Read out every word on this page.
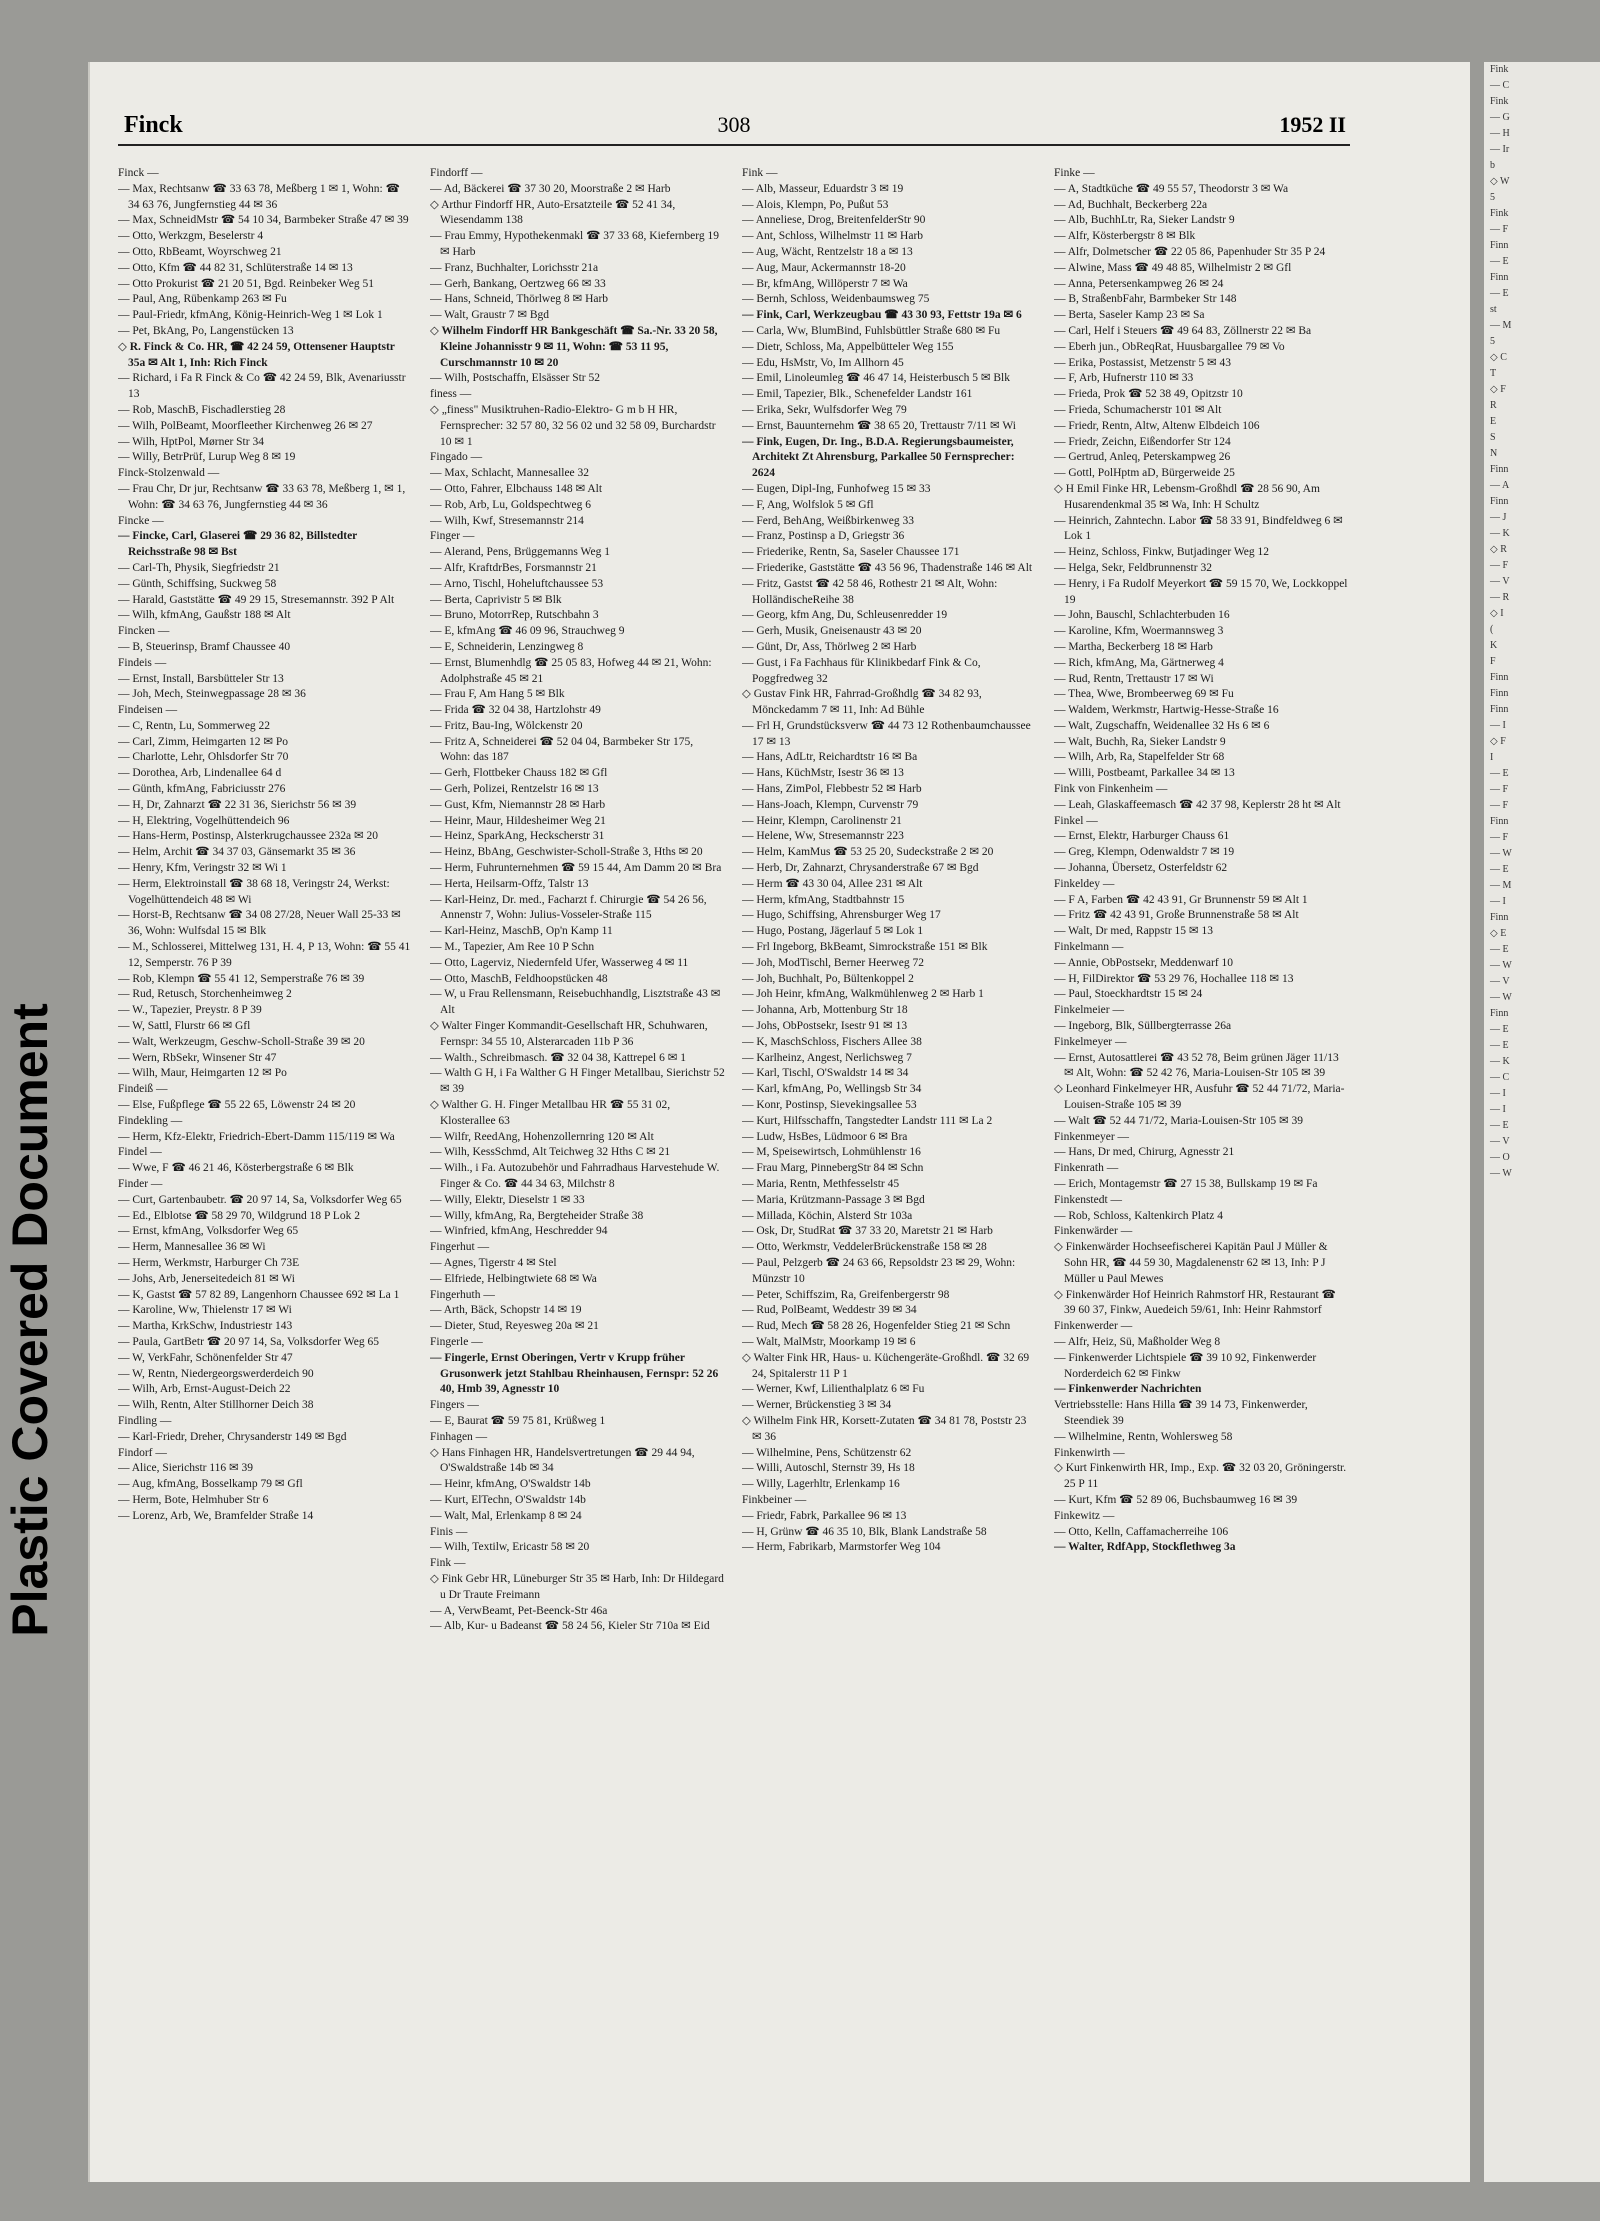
Plastic Covered Document
Fink
— C
Fink
— G
— H
— Ir
b
◇ W
5
Fink
— F
Finn
— E
Finn
— E
st
— M
5
◇ C
T
◇ F
R
E
S
N
Finn
— A
Finn
— J
— K
◇ R
— F
— V
— R
◇ I
(
K
F
Finn
Finn
Finn
— I
◇ F
I
— E
— F
— F
Finn
— F
— W
— E
— M
— I
Finn
◇ E
— E
— W
— V
— W
Finn
— E
— E
— K
— C
— I
— I
— E
— V
— O
— W
Finck	308	1952 II
Finck —
— Max, Rechtsanw ☎ 33 63 78, Meßberg 1 ✉ 1, Wohn: ☎ 34 63 76, Jungfernstieg 44 ✉ 36
— Max, SchneidMstr ☎ 54 10 34, Barmbeker Straße 47 ✉ 39
— Otto, Werkzgm, Beselerstr 4
— Otto, RbBeamt, Woyrschweg 21
— Otto, Kfm ☎ 44 82 31, Schlüterstraße 14 ✉ 13
— Otto Prokurist ☎ 21 20 51, Bgd. Reinbeker Weg 51
— Paul, Ang, Rübenkamp 263 ✉ Fu
— Paul-Friedr, kfmAng, König-Heinrich-Weg 1 ✉ Lok 1
— Pet, BkAng, Po, Langenstücken 13
◇ R. Finck & Co. HR, ☎ 42 24 59, Ottensener Hauptstr 35a ✉ Alt 1, Inh: Rich Finck
— Richard, i Fa R Finck & Co ☎ 42 24 59, Blk, Avenariusstr 13
— Rob, MaschB, Fischadlerstieg 28
— Wilh, PolBeamt, Moorfleether Kirchenweg 26 ✉ 27
— Wilh, HptPol, Mørner Str 34
— Willy, BetrPrüf, Lurup Weg 8 ✉ 19
Finck-Stolzenwald —
— Frau Chr, Dr jur, Rechtsanw ☎ 33 63 78, Meßberg 1, ✉ 1, Wohn: ☎ 34 63 76, Jungfernstieg 44 ✉ 36
Fincke —
— Fincke, Carl, Glaserei ☎ 29 36 82, Billstedter Reichsstraße 98 ✉ Bst
— Carl-Th, Physik, Siegfriedstr 21
— Günth, Schiffsing, Suckweg 58
— Harald, Gaststätte ☎ 49 29 15, Stresemannstr. 392 P Alt
— Wilh, kfmAng, Gaußstr 188 ✉ Alt
Fincken —
— B, Steuerinsp, Bramf Chaussee 40
Findeis —
— Ernst, Install, Barsbütteler Str 13
— Joh, Mech, Steinwegpassage 28 ✉ 36
Findeisen —
— C, Rentn, Lu, Sommerweg 22
— Carl, Zimm, Heimgarten 12 ✉ Po
— Charlotte, Lehr, Ohlsdorfer Str 70
— Dorothea, Arb, Lindenallee 64 d
— Günth, kfmAng, Fabriciusstr 276
— H, Dr, Zahnarzt ☎ 22 31 36, Sierichstr 56 ✉ 39
— H, Elektring, Vogelhüttendeich 96
— Hans-Herm, Postinsp, Alsterkrugchaussee 232a ✉ 20
— Helm, Archit ☎ 34 37 03, Gänsemarkt 35 ✉ 36
— Henry, Kfm, Veringstr 32 ✉ Wi 1
— Herm, Elektroinstall ☎ 38 68 18, Veringstr 24, Werkst: Vogelhüttendeich 48 ✉ Wi
— Horst-B, Rechtsanw ☎ 34 08 27/28, Neuer Wall 25-33 ✉ 36, Wohn: Wulfsdal 15 ✉ Blk
— M., Schlosserei, Mittelweg 131, H. 4, P 13, Wohn: ☎ 55 41 12, Semperstr. 76 P 39
— Rob, Klempn ☎ 55 41 12, Semperstraße 76 ✉ 39
— Rud, Retusch, Storchenheimweg 2
— W., Tapezier, Preystr. 8 P 39
— W, Sattl, Flurstr 66 ✉ Gfl
— Walt, Werkzeugm, Geschw-Scholl-Straße 39 ✉ 20
— Wern, RbSekr, Winsener Str 47
— Wilh, Maur, Heimgarten 12 ✉ Po
Findeiß —
— Else, Fußpflege ☎ 55 22 65, Löwenstr 24 ✉ 20
Findekling —
— Herm, Kfz-Elektr, Friedrich-Ebert-Damm 115/119 ✉ Wa
Findel —
— Wwe, F ☎ 46 21 46, Kösterbergstraße 6 ✉ Blk
Finder —
— Curt, Gartenbaubetr. ☎ 20 97 14, Sa, Volksdorfer Weg 65
— Ed., Elblotse ☎ 58 29 70, Wildgrund 18 P Lok 2
— Ernst, kfmAng, Volksdorfer Weg 65
— Herm, Mannesallee 36 ✉ Wi
— Herm, Werkmstr, Harburger Ch 73E
— Johs, Arb, Jenerseitedeich 81 ✉ Wi
— K, Gastst ☎ 57 82 89, Langenhorn Chaussee 692 ✉ La 1
— Karoline, Ww, Thielenstr 17 ✉ Wi
— Martha, KrkSchw, Industriestr 143
— Paula, GartBetr ☎ 20 97 14, Sa, Volksdorfer Weg 65
— W, VerkFahr, Schönenfelder Str 47
— W, Rentn, Niedergeorgswerderdeich 90
— Wilh, Arb, Ernst-August-Deich 22
— Wilh, Rentn, Alter Stillhorner Deich 38
Findling —
— Karl-Friedr, Dreher, Chrysanderstr 149 ✉ Bgd
Findorf —
— Alice, Sierichstr 116 ✉ 39
— Aug, kfmAng, Bosselkamp 79 ✉ Gfl
— Herm, Bote, Helmhuber Str 6
— Lorenz, Arb, We, Bramfelder Straße 14
Findorff —
— Ad, Bäckerei ☎ 37 30 20, Moorstraße 2 ✉ Harb
◇ Arthur Findorff HR, Auto-Ersatzteile ☎ 52 41 34, Wiesendamm 138
— Frau Emmy, Hypothekenmakl ☎ 37 33 68, Kiefernberg 19 ✉ Harb
— Franz, Buchhalter, Lorichsstr 21a
— Gerh, Bankang, Oertzweg 66 ✉ 33
— Hans, Schneid, Thörlweg 8 ✉ Harb
— Walt, Graustr 7 ✉ Bgd
◇ Wilhelm Findorff HR Bankgeschäft ☎ Sa.-Nr. 33 20 58, Kleine Johannisstr 9 ✉ 11, Wohn: ☎ 53 11 95, Curschmannstr 10 ✉ 20
— Wilh, Postschaffn, Elsässer Str 52
finess —
◇ „finess" Musiktruhen-Radio-Elektro- G m b H HR, Fernsprecher: 32 57 80, 32 56 02 und 32 58 09, Burchardstr 10 ✉ 1
Fingado —
— Max, Schlacht, Mannesallee 32
— Otto, Fahrer, Elbchauss 148 ✉ Alt
— Rob, Arb, Lu, Goldspechtweg 6
— Wilh, Kwf, Stresemannstr 214
Finger —
— Alerand, Pens, Brüggemanns Weg 1
— Alfr, KraftdrBes, Forsmannstr 21
— Arno, Tischl, Hoheluftchaussee 53
— Berta, Caprivistr 5 ✉ Blk
— Bruno, MotorrRep, Rutschbahn 3
— E, kfmAng ☎ 46 09 96, Strauchweg 9
— E, Schneiderin, Lenzingweg 8
— Ernst, Blumenhdlg ☎ 25 05 83, Hofweg 44 ✉ 21, Wohn: Adolphstraße 45 ✉ 21
— Frau F, Am Hang 5 ✉ Blk
— Frida ☎ 32 04 38, Hartzlohstr 49
— Fritz, Bau-Ing, Wölckenstr 20
— Fritz A, Schneiderei ☎ 52 04 04, Barmbeker Str 175, Wohn: das 187
— Gerh, Flottbeker Chauss 182 ✉ Gfl
— Gerh, Polizei, Rentzelstr 16 ✉ 13
— Gust, Kfm, Niemannstr 28 ✉ Harb
— Heinr, Maur, Hildesheimer Weg 21
— Heinz, SparkAng, Heckscherstr 31
— Heinz, BbAng, Geschwister-Scholl-Straße 3, Hths ✉ 20
— Herm, Fuhrunternehmen ☎ 59 15 44, Am Damm 20 ✉ Bra
— Herta, Heilsarm-Offz, Talstr 13
— Karl-Heinz, Dr. med., Facharzt f. Chirurgie ☎ 54 26 56, Annenstr 7, Wohn: Julius-Vosseler-Straße 115
— Karl-Heinz, MaschB, Op'n Kamp 11
— M., Tapezier, Am Ree 10 P Schn
— Otto, Lagerviz, Niedernfeld Ufer, Wasserweg 4 ✉ 11
— Otto, MaschB, Feldhoopstücken 48
— W, u Frau Rellensmann, Reisebuchhandlg, Lisztstraße 43 ✉ Alt
◇ Walter Finger Kommandit-Gesellschaft HR, Schuhwaren, Fernspr: 34 55 10, Alsterarcaden 11b P 36
— Walth., Schreibmasch. ☎ 32 04 38, Kattrepel 6 ✉ 1
— Walth G H, i Fa Walther G H Finger Metallbau, Sierichstr 52 ✉ 39
◇ Walther G. H. Finger Metallbau HR ☎ 55 31 02, Klosterallee 63
— Wilfr, ReedAng, Hohenzollernring 120 ✉ Alt
— Wilh, KessSchmd, Alt Teichweg 32 Hths C ✉ 21
— Wilh., i Fa. Autozubehör und Fahrradhaus Harvestehude W. Finger & Co. ☎ 44 34 63, Milchstr 8
— Willy, Elektr, Dieselstr 1 ✉ 33
— Willy, kfmAng, Ra, Bergteheider Straße 38
— Winfried, kfmAng, Heschredder 94
Fingerhut —
— Agnes, Tigerstr 4 ✉ Stel
— Elfriede, Helbingtwiete 68 ✉ Wa
Fingerhuth —
— Arth, Bäck, Schopstr 14 ✉ 19
— Dieter, Stud, Reyesweg 20a ✉ 21
Fingerle —
— Fingerle, Ernst Oberingen, Vertr v Krupp früher Grusonwerk jetzt Stahlbau Rheinhausen, Fernspr: 52 26 40, Hmb 39, Agnesstr 10
Fingers —
— E, Baurat ☎ 59 75 81, Krüßweg 1
Finhagen —
◇ Hans Finhagen HR, Handelsvertretungen ☎ 29 44 94, O'Swaldstraße 14b ✉ 34
— Heinr, kfmAng, O'Swaldstr 14b
— Kurt, ElTechn, O'Swaldstr 14b
— Walt, Mal, Erlenkamp 8 ✉ 24
Finis —
— Wilh, Textilw, Ericastr 58 ✉ 20
Fink —
◇ Fink Gebr HR, Lüneburger Str 35 ✉ Harb, Inh: Dr Hildegard u Dr Traute Freimann
— A, VerwBeamt, Pet-Beenck-Str 46a
— Alb, Kur- u Badeanst ☎ 58 24 56, Kieler Str 710a ✉ Eid
Fink —
— Alb, Masseur, Eduardstr 3 ✉ 19
— Alois, Klempn, Po, Pußut 53
— Anneliese, Drog, BreitenfelderStr 90
— Ant, Schloss, Wilhelmstr 11 ✉ Harb
— Aug, Wächt, Rentzelstr 18 a ✉ 13
— Aug, Maur, Ackermannstr 18-20
— Br, kfmAng, Willöperstr 7 ✉ Wa
— Bernh, Schloss, Weidenbaumsweg 75
— Fink, Carl, Werkzeugbau ☎ 43 30 93, Fettstr 19a ✉ 6
— Carla, Ww, BlumBind, Fuhlsbüttler Straße 680 ✉ Fu
— Dietr, Schloss, Ma, Appelbütteler Weg 155
— Edu, HsMstr, Vo, Im Allhorn 45
— Emil, Linoleumleg ☎ 46 47 14, Heisterbusch 5 ✉ Blk
— Emil, Tapezier, Blk., Schenefelder Landstr 161
— Erika, Sekr, Wulfsdorfer Weg 79
— Ernst, Bauunternehm ☎ 38 65 20, Trettaustr 7/11 ✉ Wi
— Fink, Eugen, Dr. Ing., B.D.A. Regierungsbaumeister, Architekt Zt Ahrensburg, Parkallee 50 Fernsprecher: 2624
— Eugen, Dipl-Ing, Funhofweg 15 ✉ 33
— F, Ang, Wolfslok 5 ✉ Gfl
— Ferd, BehAng, Weißbirkenweg 33
— Franz, Postinsp a D, Griegstr 36
— Friederike, Rentn, Sa, Saseler Chaussee 171
— Friederike, Gaststätte ☎ 43 56 96, Thadenstraße 146 ✉ Alt
— Fritz, Gastst ☎ 42 58 46, Rothestr 21 ✉ Alt, Wohn: HolländischeReihe 38
— Georg, kfm Ang, Du, Schleusenredder 19
— Gerh, Musik, Gneisenaustr 43 ✉ 20
— Günt, Dr, Ass, Thörlweg 2 ✉ Harb
— Gust, i Fa Fachhaus für Klinikbedarf Fink & Co, Poggfredweg 32
◇ Gustav Fink HR, Fahrrad-Großhdlg ☎ 34 82 93, Mönckedamm 7 ✉ 11, Inh: Ad Bühle
— Frl H, Grundstücksverw ☎ 44 73 12 Rothenbaumchaussee 17 ✉ 13
— Hans, AdLtr, Reichardtstr 16 ✉ Ba
— Hans, KüchMstr, Isestr 36 ✉ 13
— Hans, ZimPol, Flebbestr 52 ✉ Harb
— Hans-Joach, Klempn, Curvenstr 79
— Heinr, Klempn, Carolinenstr 21
— Helene, Ww, Stresemannstr 223
— Helm, KamMus ☎ 53 25 20, Sudeckstraße 2 ✉ 20
— Herb, Dr, Zahnarzt, Chrysanderstraße 67 ✉ Bgd
— Herm ☎ 43 30 04, Allee 231 ✉ Alt
— Herm, kfmAng, Stadtbahnstr 15
— Hugo, Schiffsing, Ahrensburger Weg 17
— Hugo, Postang, Jägerlauf 5 ✉ Lok 1
— Frl Ingeborg, BkBeamt, Simrockstraße 151 ✉ Blk
— Joh, ModTischl, Berner Heerweg 72
— Joh, Buchhalt, Po, Bültenkoppel 2
— Joh Heinr, kfmAng, Walkmühlenweg 2 ✉ Harb 1
— Johanna, Arb, Mottenburg Str 18
— Johs, ObPostsekr, Isestr 91 ✉ 13
— K, MaschSchloss, Fischers Allee 38
— Karlheinz, Angest, Nerlichsweg 7
— Karl, Tischl, O'Swaldstr 14 ✉ 34
— Karl, kfmAng, Po, Wellingsb Str 34
— Konr, Postinsp, Sievekingsallee 53
— Kurt, Hilfsschaffn, Tangstedter Landstr 111 ✉ La 2
— Ludw, HsBes, Lüdmoor 6 ✉ Bra
— M, Speisewirtsch, Lohmühlenstr 16
— Frau Marg, PinnebergStr 84 ✉ Schn
— Maria, Rentn, Methfesselstr 45
— Maria, Krützmann-Passage 3 ✉ Bgd
— Millada, Köchin, Alsterd Str 103a
— Osk, Dr, StudRat ☎ 37 33 20, Maretstr 21 ✉ Harb
— Otto, Werkmstr, VeddelerBrückenstraße 158 ✉ 28
— Paul, Pelzgerb ☎ 24 63 66, Repsoldstr 23 ✉ 29, Wohn: Münzstr 10
— Peter, Schiffszim, Ra, Greifenbergerstr 98
— Rud, PolBeamt, Weddestr 39 ✉ 34
— Rud, Mech ☎ 58 28 26, Hogenfelder Stieg 21 ✉ Schn
— Walt, MalMstr, Moorkamp 19 ✉ 6
◇ Walter Fink HR, Haus- u. Küchengeräte-Großhdl. ☎ 32 69 24, Spitalerstr 11 P 1
— Werner, Kwf, Lilienthalplatz 6 ✉ Fu
— Werner, Brückenstieg 3 ✉ 34
◇ Wilhelm Fink HR, Korsett-Zutaten ☎ 34 81 78, Poststr 23 ✉ 36
— Wilhelmine, Pens, Schützenstr 62
— Willi, Autoschl, Sternstr 39, Hs 18
— Willy, Lagerhltr, Erlenkamp 16
Finkbeiner —
— Friedr, Fabrk, Parkallee 96 ✉ 13
— H, Grünw ☎ 46 35 10, Blk, Blank Landstraße 58
— Herm, Fabrikarb, Marmstorfer Weg 104
Finke —
— A, Stadtküche ☎ 49 55 57, Theodorstr 3 ✉ Wa
— Ad, Buchhalt, Beckerberg 22a
— Alb, BuchhLtr, Ra, Sieker Landstr 9
— Alfr, Kösterbergstr 8 ✉ Blk
— Alfr, Dolmetscher ☎ 22 05 86, Papenhuder Str 35 P 24
— Alwine, Mass ☎ 49 48 85, Wilhelmistr 2 ✉ Gfl
— Anna, Petersenkampweg 26 ✉ 24
— B, StraßenbFahr, Barmbeker Str 148
— Berta, Saseler Kamp 23 ✉ Sa
— Carl, Helf i Steuers ☎ 49 64 83, Zöllnerstr 22 ✉ Ba
— Eberh jun., ObReqRat, Huusbargallee 79 ✉ Vo
— Erika, Postassist, Metzenstr 5 ✉ 43
— F, Arb, Hufnerstr 110 ✉ 33
— Frieda, Prok ☎ 52 38 49, Opitzstr 10
— Frieda, Schumacherstr 101 ✉ Alt
— Friedr, Rentn, Altw, Altenw Elbdeich 106
— Friedr, Zeichn, Eißendorfer Str 124
— Gertrud, Anleq, Peterskampweg 26
— Gottl, PolHptm aD, Bürgerweide 25
◇ H Emil Finke HR, Lebensm-Großhdl ☎ 28 56 90, Am Husarendenkmal 35 ✉ Wa, Inh: H Schultz
— Heinrich, Zahntechn. Labor ☎ 58 33 91, Bindfeldweg 6 ✉ Lok 1
— Heinz, Schloss, Finkw, Butjadinger Weg 12
— Helga, Sekr, Feldbrunnenstr 32
— Henry, i Fa Rudolf Meyerkort ☎ 59 15 70, We, Lockkoppel 19
— John, Bauschl, Schlachterbuden 16
— Karoline, Kfm, Woermannsweg 3
— Martha, Beckerberg 18 ✉ Harb
— Rich, kfmAng, Ma, Gärtnerweg 4
— Rud, Rentn, Trettaustr 17 ✉ Wi
— Thea, Wwe, Brombeerweg 69 ✉ Fu
— Waldem, Werkmstr, Hartwig-Hesse-Straße 16
— Walt, Zugschaffn, Weidenallee 32 Hs 6 ✉ 6
— Walt, Buchh, Ra, Sieker Landstr 9
— Wilh, Arb, Ra, Stapelfelder Str 68
— Willi, Postbeamt, Parkallee 34 ✉ 13
Fink von Finkenheim —
— Leah, Glaskaffeemasch ☎ 42 37 98, Keplerstr 28 ht ✉ Alt
Finkel —
— Ernst, Elektr, Harburger Chauss 61
— Greg, Klempn, Odenwaldstr 7 ✉ 19
— Johanna, Übersetz, Osterfeldstr 62
Finkeldey —
— F A, Farben ☎ 42 43 91, Gr Brunnenstr 59 ✉ Alt 1
— Fritz ☎ 42 43 91, Große Brunnenstraße 58 ✉ Alt
— Walt, Dr med, Rappstr 15 ✉ 13
Finkelmann —
— Annie, ObPostsekr, Meddenwarf 10
— H, FilDirektor ☎ 53 29 76, Hochallee 118 ✉ 13
— Paul, Stoeckhardtstr 15 ✉ 24
Finkelmeier —
— Ingeborg, Blk, Süllbergterrasse 26a
Finkelmeyer —
— Ernst, Autosattlerei ☎ 43 52 78, Beim grünen Jäger 11/13 ✉ Alt, Wohn: ☎ 52 42 76, Maria-Louisen-Str 105 ✉ 39
◇ Leonhard Finkelmeyer HR, Ausfuhr ☎ 52 44 71/72, Maria-Louisen-Straße 105 ✉ 39
— Walt ☎ 52 44 71/72, Maria-Louisen-Str 105 ✉ 39
Finkenmeyer —
— Hans, Dr med, Chirurg, Agnesstr 21
Finkenrath —
— Erich, Montagemstr ☎ 27 15 38, Bullskamp 19 ✉ Fa
Finkenstedt —
— Rob, Schloss, Kaltenkirch Platz 4
Finkenwärder —
◇ Finkenwärder Hochseefischerei Kapitän Paul J Müller & Sohn HR, ☎ 44 59 30, Magdalenenstr 62 ✉ 13, Inh: P J Müller u Paul Mewes
◇ Finkenwärder Hof Heinrich Rahmstorf HR, Restaurant ☎ 39 60 37, Finkw, Auedeich 59/61, Inh: Heinr Rahmstorf
Finkenwerder —
— Alfr, Heiz, Sü, Maßholder Weg 8
— Finkenwerder Lichtspiele ☎ 39 10 92, Finkenwerder Norderdeich 62 ✉ Finkw
— Finkenwerder Nachrichten
Vertriebsstelle: Hans Hilla ☎ 39 14 73, Finkenwerder, Steendiek 39
— Wilhelmine, Rentn, Wohlersweg 58
Finkenwirth —
◇ Kurt Finkenwirth HR, Imp., Exp. ☎ 32 03 20, Gröningerstr. 25 P 11
— Kurt, Kfm ☎ 52 89 06, Buchsbaumweg 16 ✉ 39
Finkewitz —
— Otto, Kelln, Caffamacherreihe 106
— Walter, RdfApp, Stockflethweg 3a
